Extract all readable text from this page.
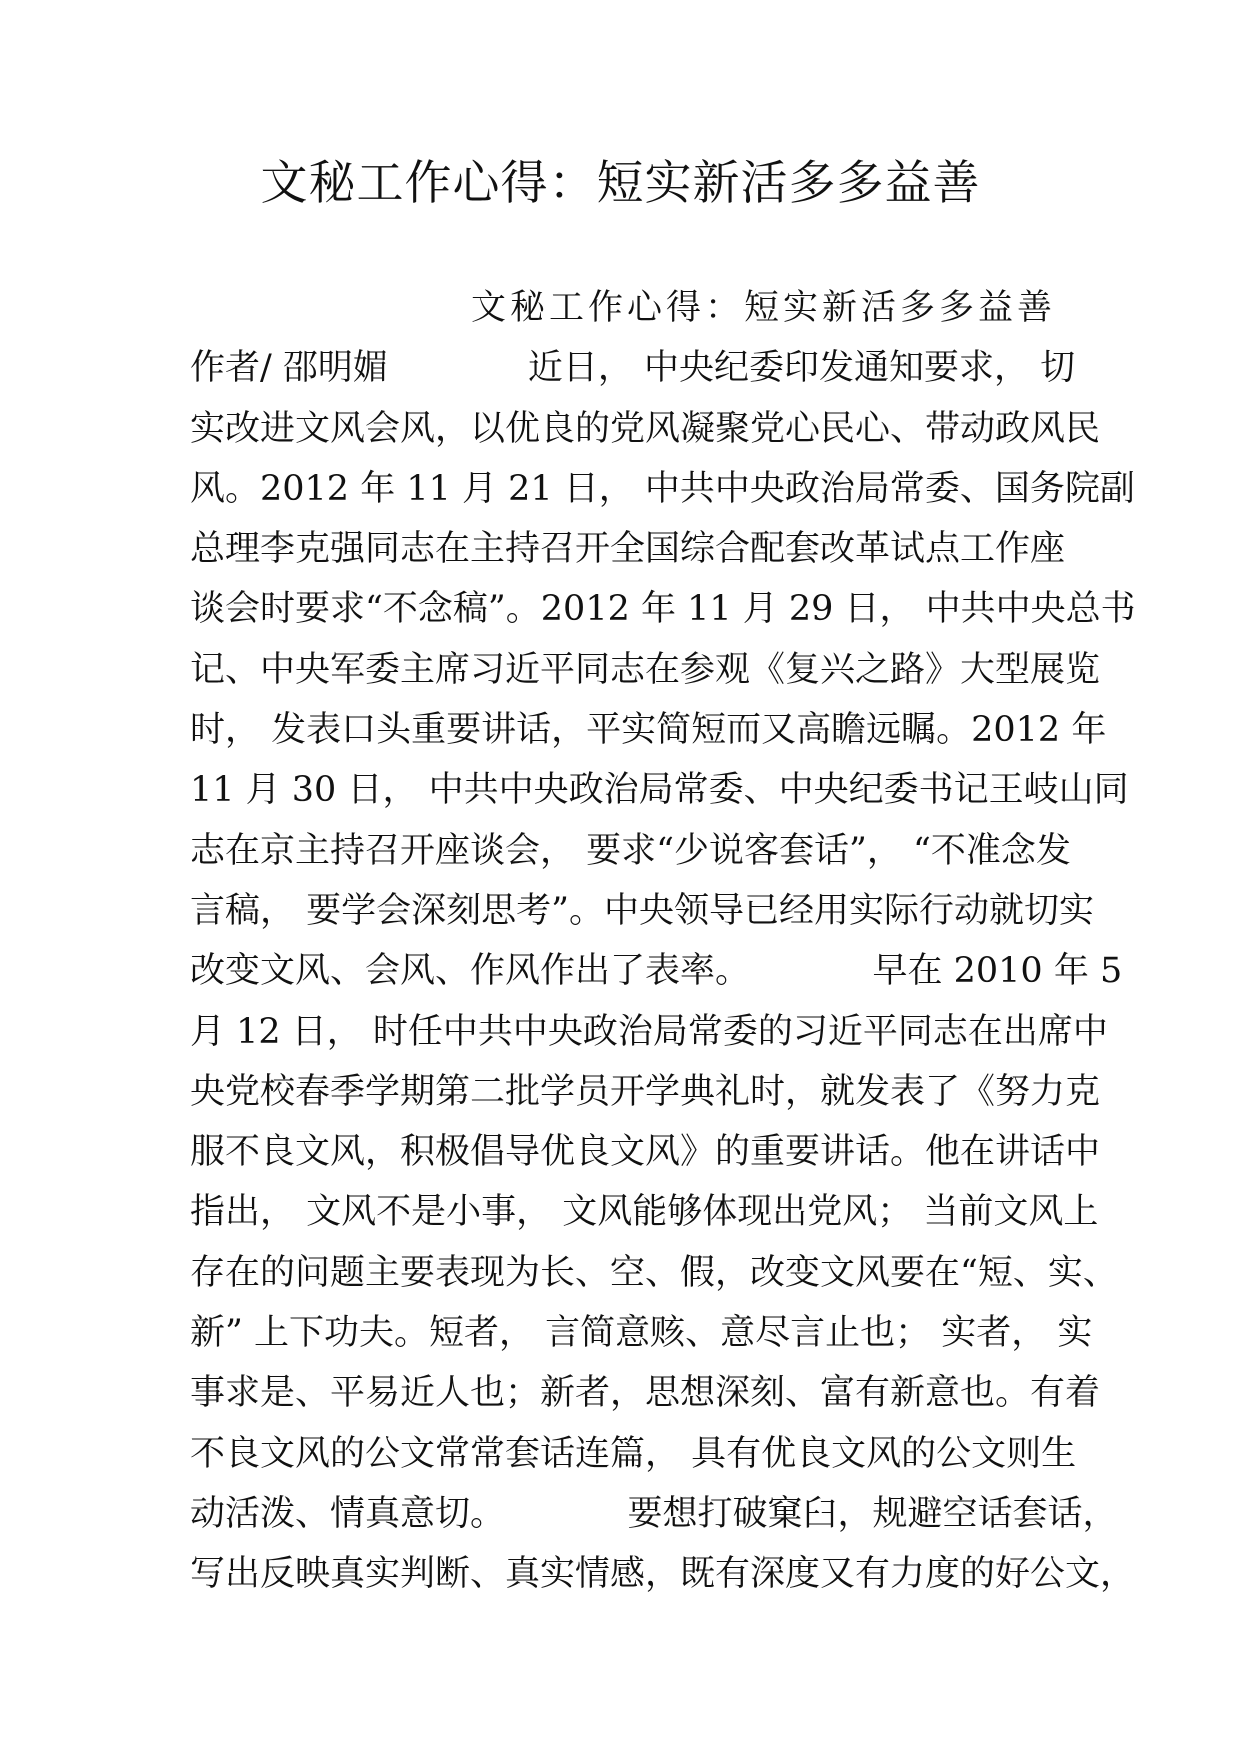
文秘工作心得：短实新活多多益善
文秘工作心得：短实新活多多益善
作者/ 邵明媚　　　　近日， 中央纪委印发通知要求， 切
实改进文风会风，以优良的党风凝聚党心民心、带动政风民
风。2012 年 11 月 21 日， 中共中央政治局常委、国务院副
总理李克强同志在主持召开全国综合配套改革试点工作座
谈会时要求“不念稿”。2012 年 11 月 29 日， 中共中央总书
记、中央军委主席习近平同志在参观《复兴之路》大型展览
时， 发表口头重要讲话，平实简短而又高瞻远瞩。2012 年
11 月 30 日， 中共中央政治局常委、中央纪委书记王岐山同
志在京主持召开座谈会， 要求“少说客套话”， “不准念发
言稿， 要学会深刻思考”。中央领导已经用实际行动就切实
改变文风、会风、作风作出了表率。　　　　早在 2010 年 5
月 12 日， 时任中共中央政治局常委的习近平同志在出席中
央党校春季学期第二批学员开学典礼时，就发表了《努力克
服不良文风，积极倡导优良文风》的重要讲话。他在讲话中
指出， 文风不是小事， 文风能够体现出党风； 当前文风上
存在的问题主要表现为长、空、假，改变文风要在“短、实、
新” 上下功夫。短者， 言简意赅、意尽言止也； 实者， 实
事求是、平易近人也；新者，思想深刻、富有新意也。有着
不良文风的公文常常套话连篇， 具有优良文风的公文则生
动活泼、情真意切。　　　　要想打破窠臼，规避空话套话，
写出反映真实判断、真实情感，既有深度又有力度的好公文，
